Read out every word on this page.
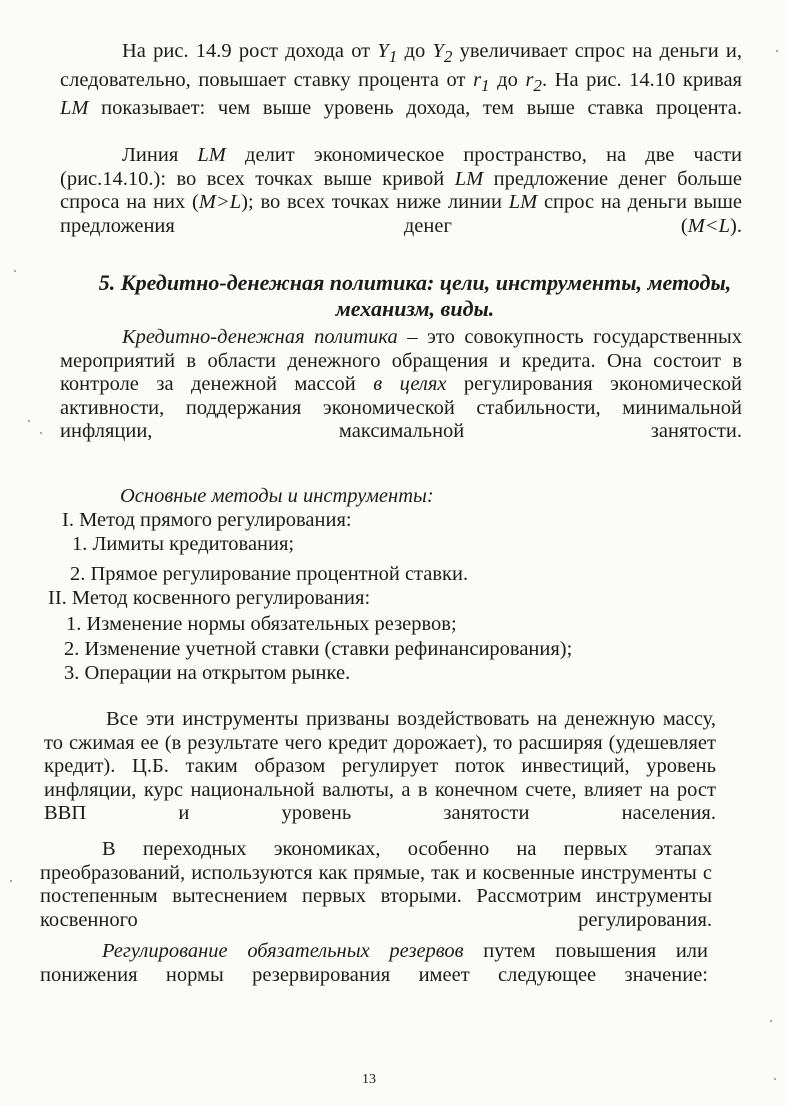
На рис. 14.9 рост дохода от $Y_1$ до $Y_2$ увеличивает спрос на деньги и, следовательно, повышает ставку процента от $r_1$ до $r_2$. На рис. 14.10 кривая LM показывает: чем выше уровень дохода, тем выше ставка процента.
Линия LM делит экономическое пространство, на две части (рис.14.10.): во всех точках выше кривой LM предложение денег больше спроса на них (M>L); во всех точках ниже линии LM спрос на деньги выше предложения денег (M<L).
5. Кредитно-денежная политика: цели, инструменты, методы,
механизм, виды.
Кредитно-денежная политика – это совокупность государственных мероприятий в области денежного обращения и кредита. Она состоит в контроле за денежной массой в целях регулирования экономической активности, поддержания экономической стабильности, минимальной инфляции, максимальной занятости.
Основные методы и инструменты:
I. Метод прямого регулирования:
1. Лимиты кредитования;
2. Прямое регулирование процентной ставки.
II. Метод косвенного регулирования:
1. Изменение нормы обязательных резервов;
2. Изменение учетной ставки (ставки рефинансирования);
3. Операции на открытом рынке.
Все эти инструменты призваны воздействовать на денежную массу, то сжимая ее (в результате чего кредит дорожает), то расширяя (удешевляет кредит). Ц.Б. таким образом регулирует поток инвестиций, уровень инфляции, курс национальной валюты, а в конечном счете, влияет на рост ВВП и уровень занятости населения.
В переходных экономиках, особенно на первых этапах преобразований, используются как прямые, так и косвенные инструменты с постепенным вытеснением первых вторыми. Рассмотрим инструменты косвенного регулирования.
Регулирование обязательных резервов путем повышения или понижения нормы резервирования имеет следующее значение:
13
